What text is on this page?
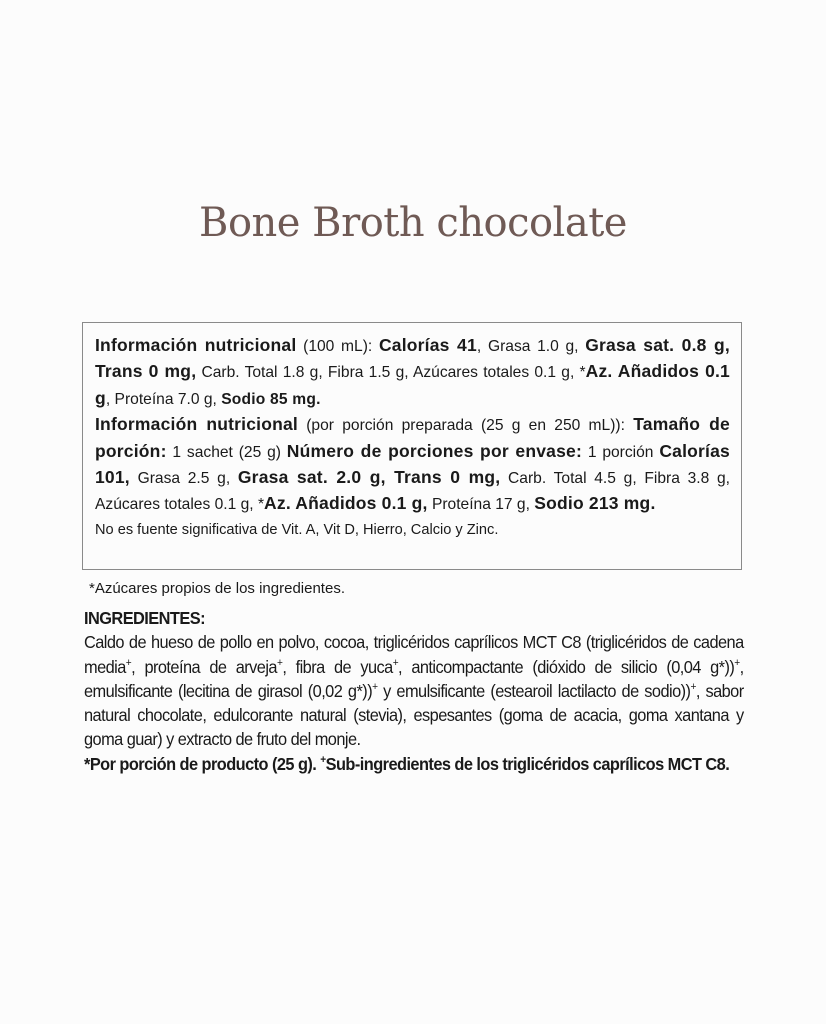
Bone Broth chocolate

Información nutricional (100 mL): Calorías 41, Grasa 1.0 g, Grasa sat. 0.8 g, Trans 0 mg, Carb. Total 1.8 g, Fibra 1.5 g, Azúcares totales 0.1 g, *Az. Añadidos 0.1 g, Proteína 7.0 g, Sodio 85 mg.

Información nutricional (por porción preparada (25 g en 250 mL)): Tamaño de porción: 1 sachet (25 g) Número de porciones por envase: 1 porción Calorías 101, Grasa 2.5 g, Grasa sat. 2.0 g, Trans 0 mg, Carb. Total 4.5 g, Fibra 3.8 g, Azúcares totales 0.1 g, *Az. Añadidos 0.1 g, Proteína 17 g, Sodio 213 mg.

No es fuente significativa de Vit. A, Vit D, Hierro, Calcio y Zinc.

*Azúcares propios de los ingredientes.
INGREDIENTES:

Caldo de hueso de pollo en polvo, cocoa, triglicéridos caprílicos MCT C8 (triglicéridos de cadena media+, proteína de arveja+, fibra de yuca+, anticompactante (dióxido de silicio (0,04 g*))+, emulsificante (lecitina de girasol (0,02 g*))+ y emulsificante (estearoil lactilacto de sodio))+, sabor natural chocolate, edulcorante natural (stevia), espesantes (goma de acacia, goma xantana y goma guar) y extracto de fruto del monje.

*Por porción de producto (25 g). +Sub-ingredientes de los triglicéridos caprílicos MCT C8.
